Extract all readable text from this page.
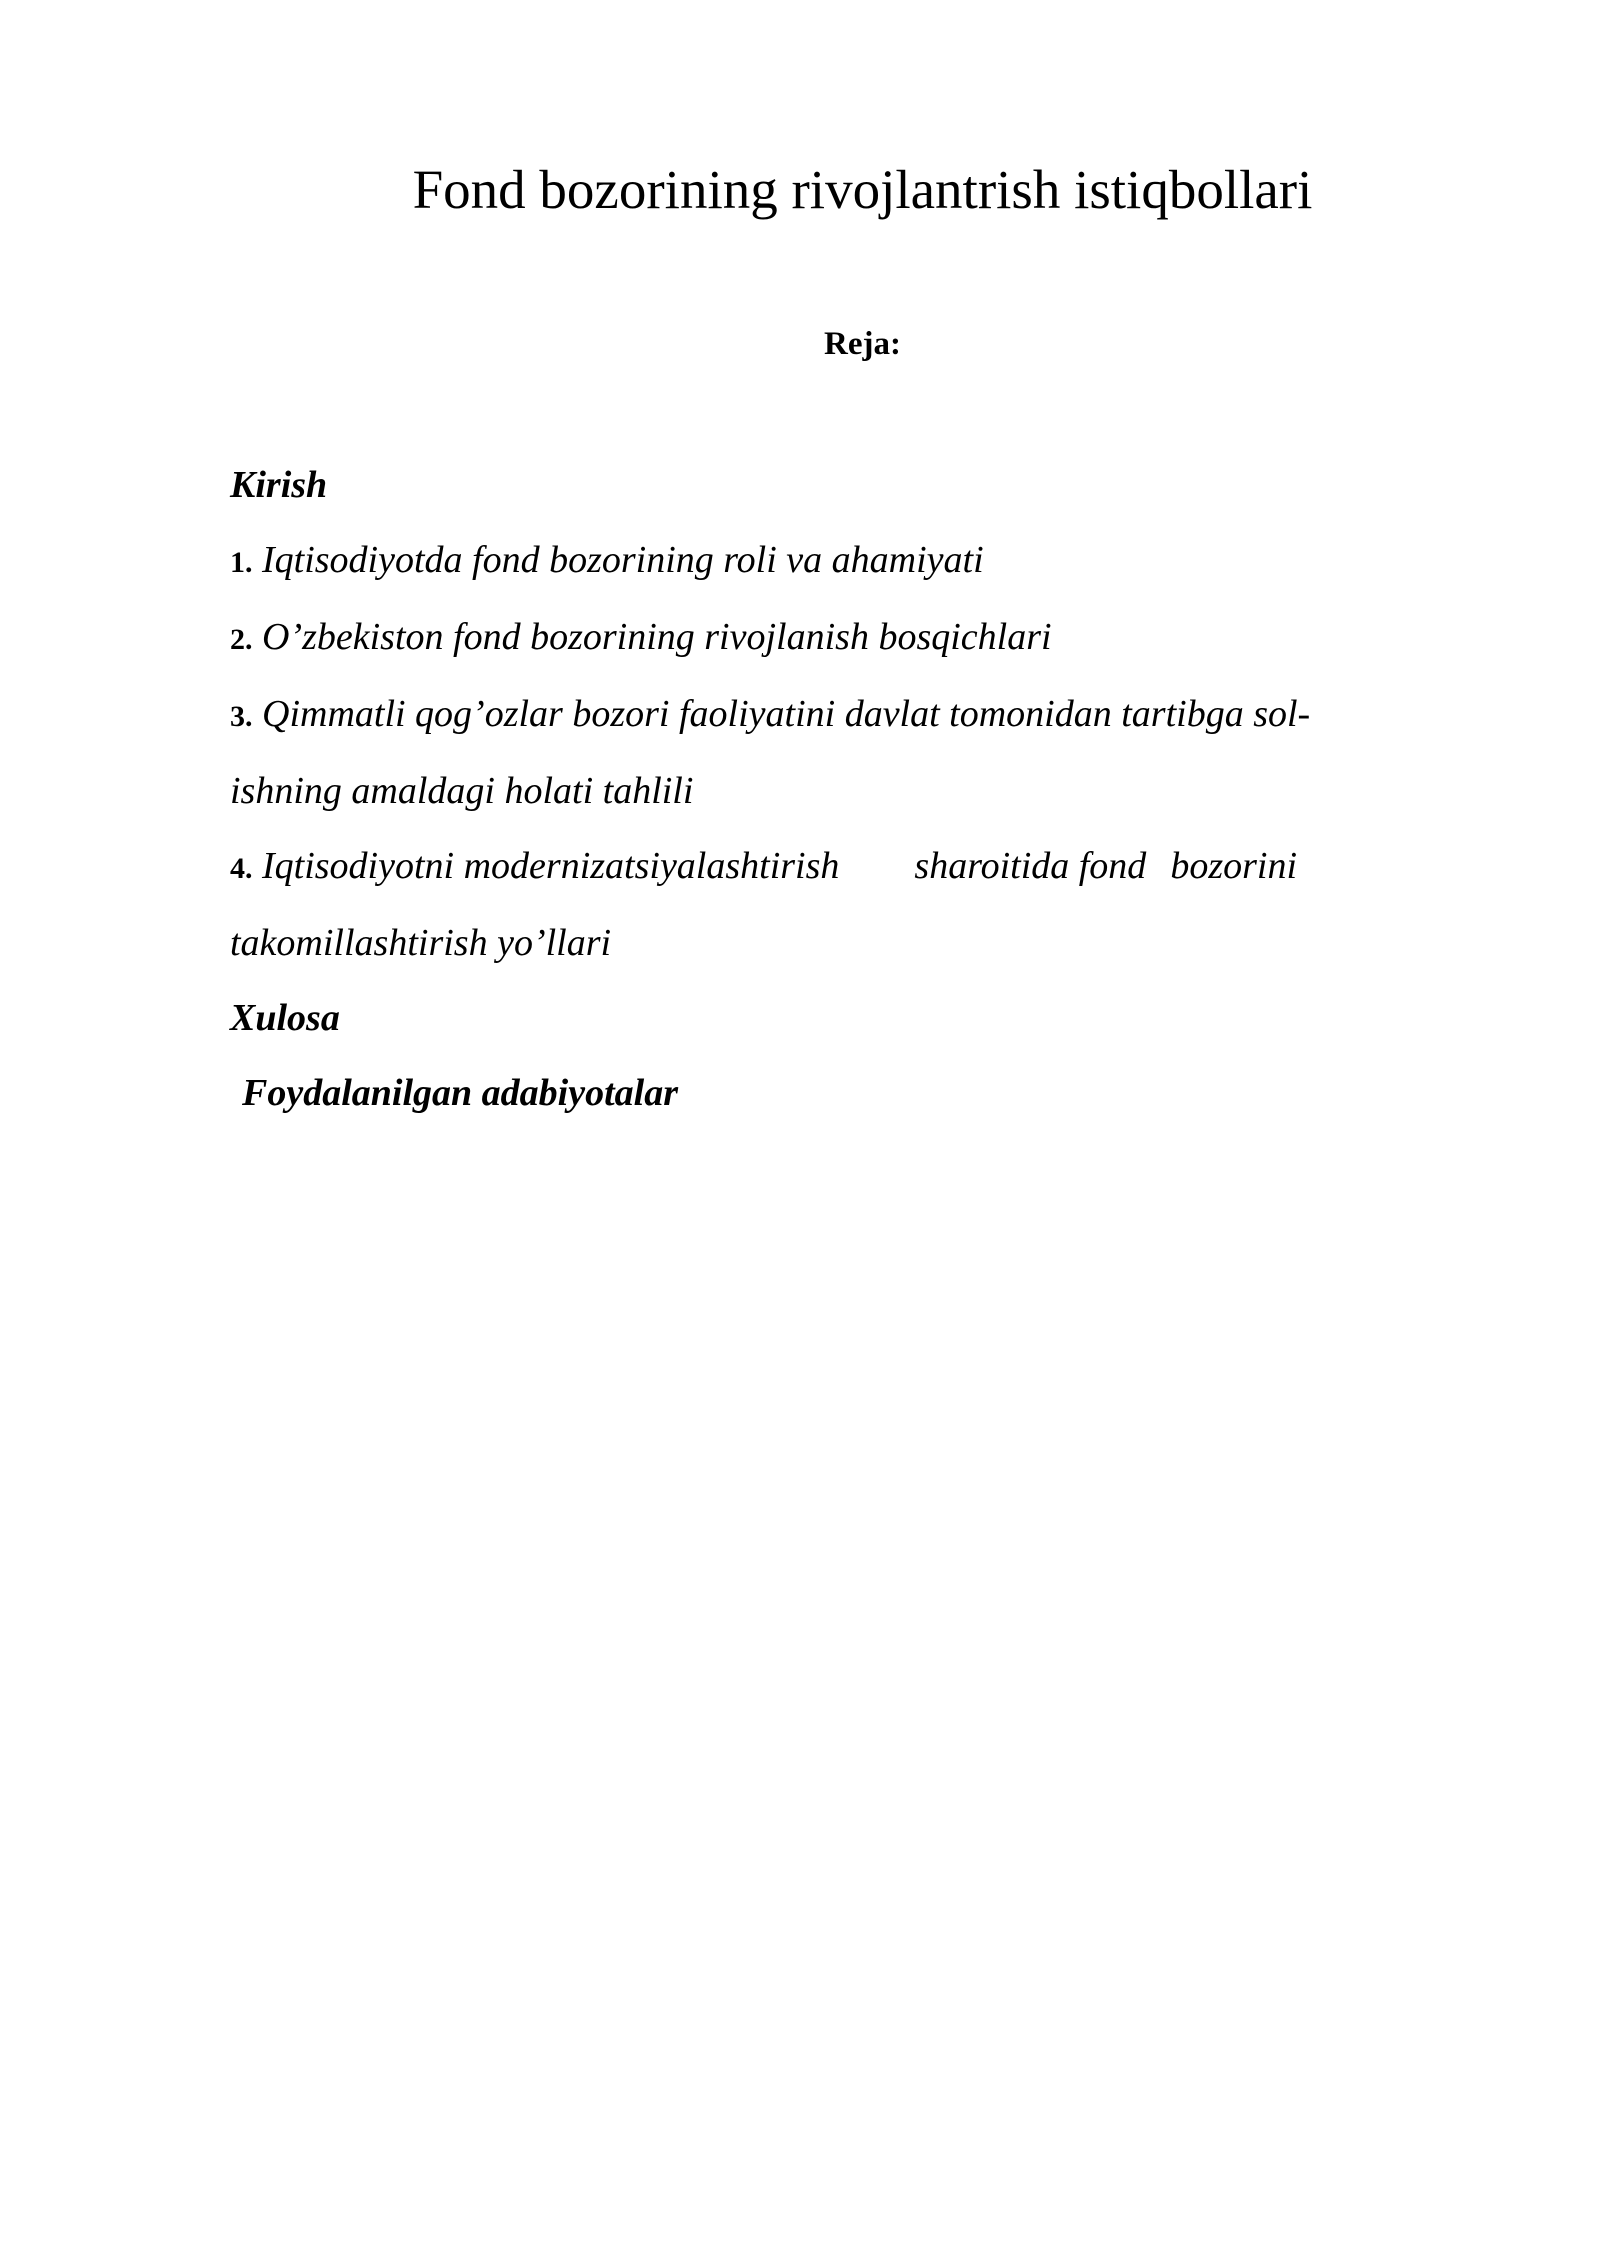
Fond bozorining rivojlantrish istiqbollari
Reja:
Kirish
1. Iqtisodiyotda fond bozorining roli va ahamiyati
2. O’zbekiston fond bozorining rivojlanish bosqichlari
3. Qimmatli qog’ozlar bozori faoliyatini davlat tomonidan tartibga sol-
ishning amaldagi holati tahlili
4. Iqtisodiyotni modernizatsiyalashtirish sharoitida fond bozorini
takomillashtirish yo’llari
Xulosa
Foydalanilgan adabiyotalar
